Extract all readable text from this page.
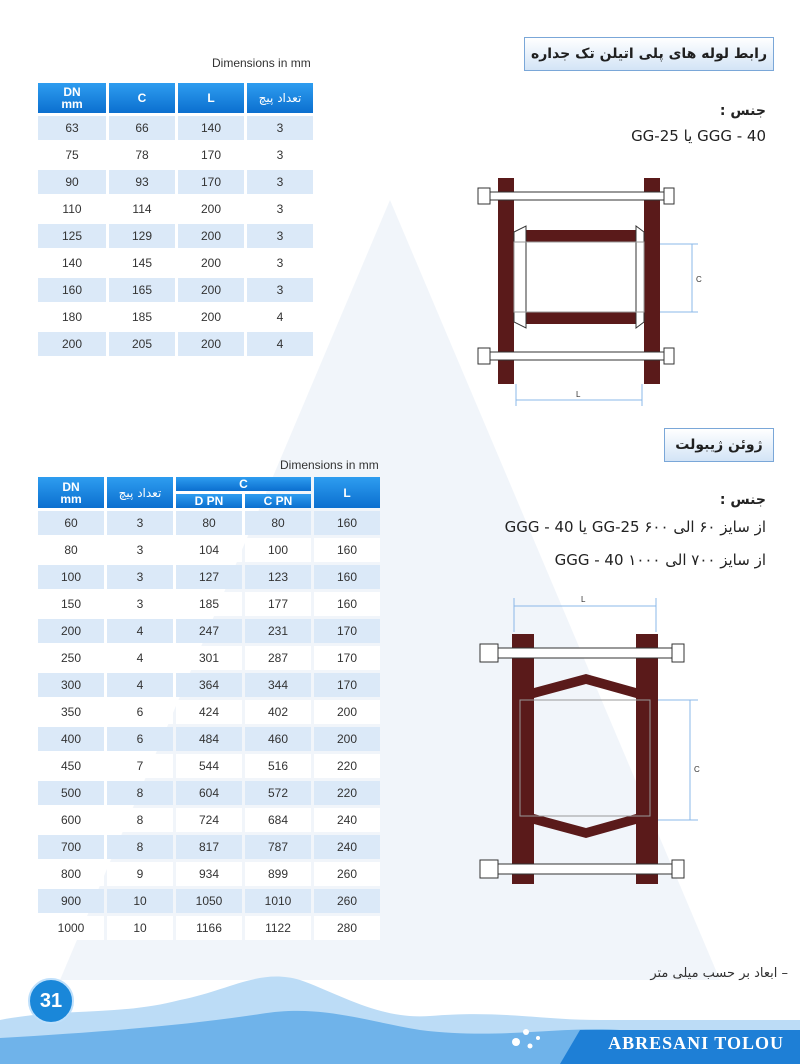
Dimensions in mm
DN
mm	C	L	تعداد پیچ
63	66	140	3
75	78	170	3
90	93	170	3
110	114	200	3
125	129	200	3
140	145	200	3
160	165	200	3
180	185	200	4
200	205	200	4
رابط لوله های پلی اتیلن تک جداره
جنس :
GGG - 40 یا GG-25
C
L
ژوئن ژیبولت
جنس :
از سایز ۶۰ الی ۶۰۰ GG-25 یا GGG - 40
از سایز ۷۰۰ الی ۱۰۰۰ GGG - 40
L
C
Dimensions in mm
DN
mm	تعداد پیچ	C		L
		D PN	C PN	
60	3	80	80	160
80	3	104	100	160
100	3	127	123	160
150	3	185	177	160
200	4	247	231	170
250	4	301	287	170
300	4	364	344	170
350	6	424	402	200
400	6	484	460	200
450	7	544	516	220
500	8	604	572	220
600	8	724	684	240
700	8	817	787	240
800	9	934	899	260
900	10	1050	1010	260
1000	10	1166	1122	280
– ابعاد بر حسب میلی متر
31
ABRESANI TOLOU
